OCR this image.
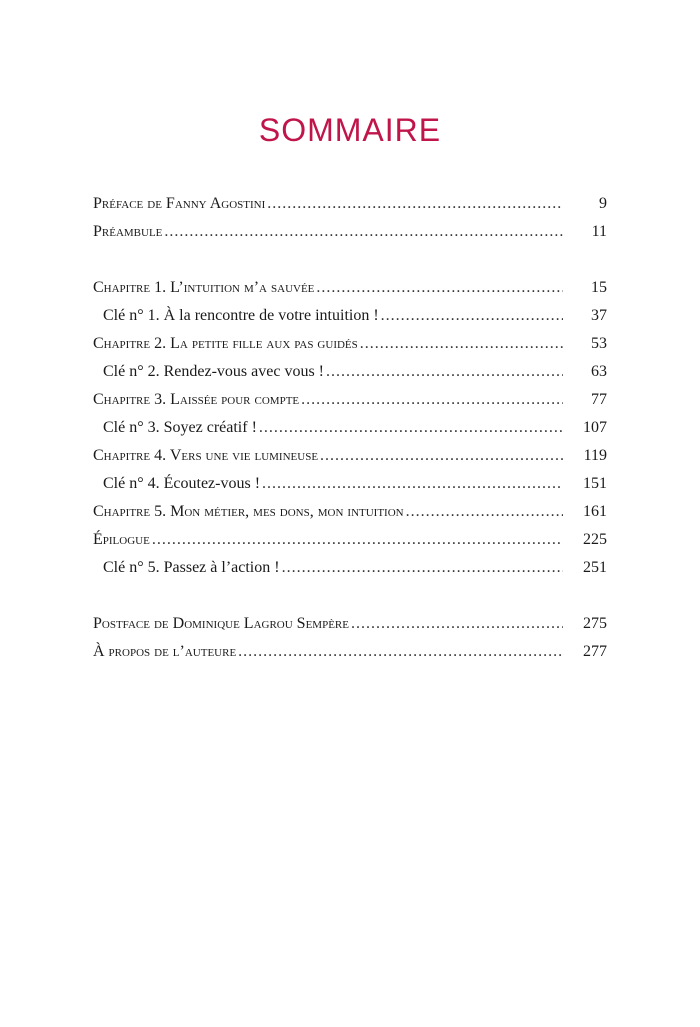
SOMMAIRE
Préface de Fanny Agostini .....	9
Préambule .....	11
Chapitre 1. L’intuition m’a sauvée .....	15
Clé n° 1. À la rencontre de votre intuition ! .....	37
Chapitre 2. La petite fille aux pas guidés .....	53
Clé n° 2. Rendez-vous avec vous ! .....	63
Chapitre 3. Laissée pour compte .....	77
Clé n° 3. Soyez créatif ! .....	107
Chapitre 4. Vers une vie lumineuse .....	119
Clé n° 4. Écoutez-vous ! .....	151
Chapitre 5. Mon métier, mes dons, mon intuition .....	161
Épilogue .....	225
Clé n° 5. Passez à l’action ! .....	251
Postface de Dominique Lagrou Sempère .....	275
À propos de l’auteure .....	277
